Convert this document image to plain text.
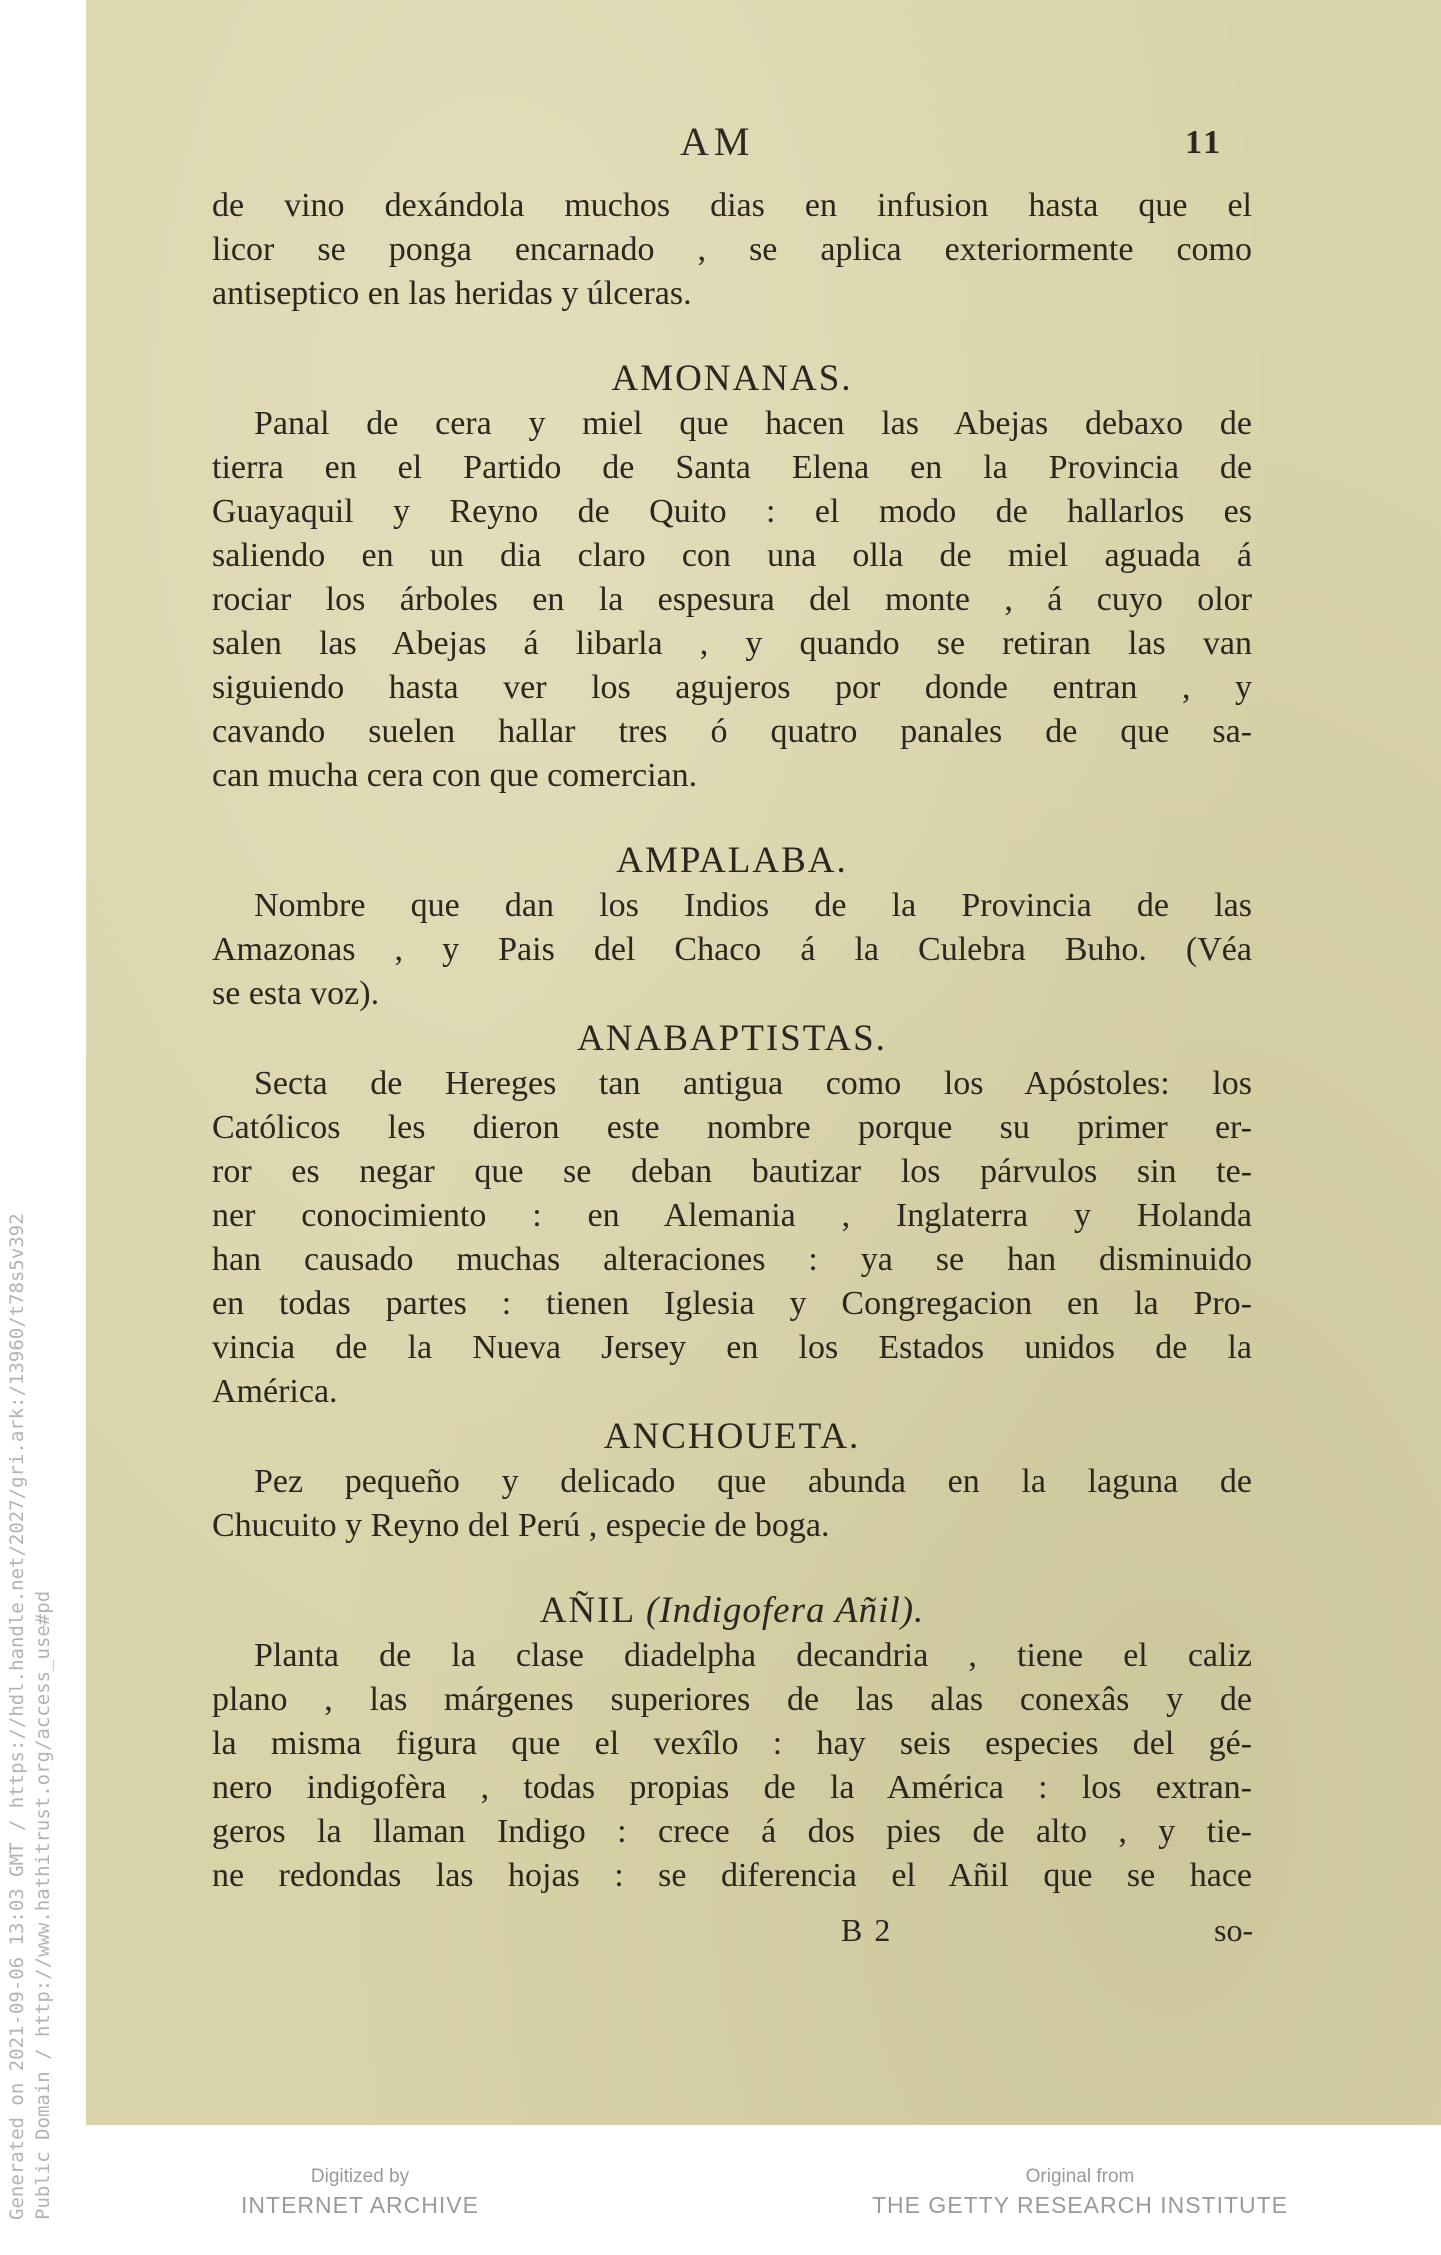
Generated on 2021-09-06 13:03 GMT / https://hdl.handle.net/2027/gri.ark:/13960/t78s5v392 Public Domain / http://www.hathitrust.org/access_use#pd
AM	11
de vino dexándola muchos dias en infusion hasta que el
licor se ponga encarnado , se aplica exteriormente como
antiseptico en las heridas y úlceras.
AMONANAS.
Panal de cera y miel que hacen las Abejas debaxo de
tierra en el Partido de Santa Elena en la Provincia de
Guayaquil y Reyno de Quito : el modo de hallarlos es
saliendo en un dia claro con una olla de miel aguada á
rociar los árboles en la espesura del monte , á cuyo olor
salen las Abejas á libarla , y quando se retiran las van
siguiendo hasta ver los agujeros por donde entran , y
cavando suelen hallar tres ó quatro panales de que sa-
can mucha cera con que comercian.
AMPALABA.
Nombre que dan los Indios de la Provincia de las
Amazonas , y Pais del Chaco á la Culebra Buho. (Véa
se esta voz).
ANABAPTISTAS.
Secta de Hereges tan antigua como los Apóstoles: los
Católicos les dieron este nombre porque su primer er-
ror es negar que se deban bautizar los párvulos sin te-
ner conocimiento : en Alemania , Inglaterra y Holanda
han causado muchas alteraciones : ya se han disminuido
en todas partes : tienen Iglesia y Congregacion en la Pro-
vincia de la Nueva Jersey en los Estados unidos de la
América.
ANCHOUETA.
Pez pequeño y delicado que abunda en la laguna de
Chucuito y Reyno del Perú , especie de boga.
AÑIL (Indigofera Añil).
Planta de la clase diadelpha decandria , tiene el caliz
plano , las márgenes superiores de las alas conexâs y de
la misma figura que el vexîlo : hay seis especies del gé-
nero indigofèra , todas propias de la América : los extran-
geros la llaman Indigo : crece á dos pies de alto , y tie-
ne redondas las hojas : se diferencia el Añil que se hace
B 2	so-
Digitized by
INTERNET ARCHIVE
Original from
THE GETTY RESEARCH INSTITUTE
